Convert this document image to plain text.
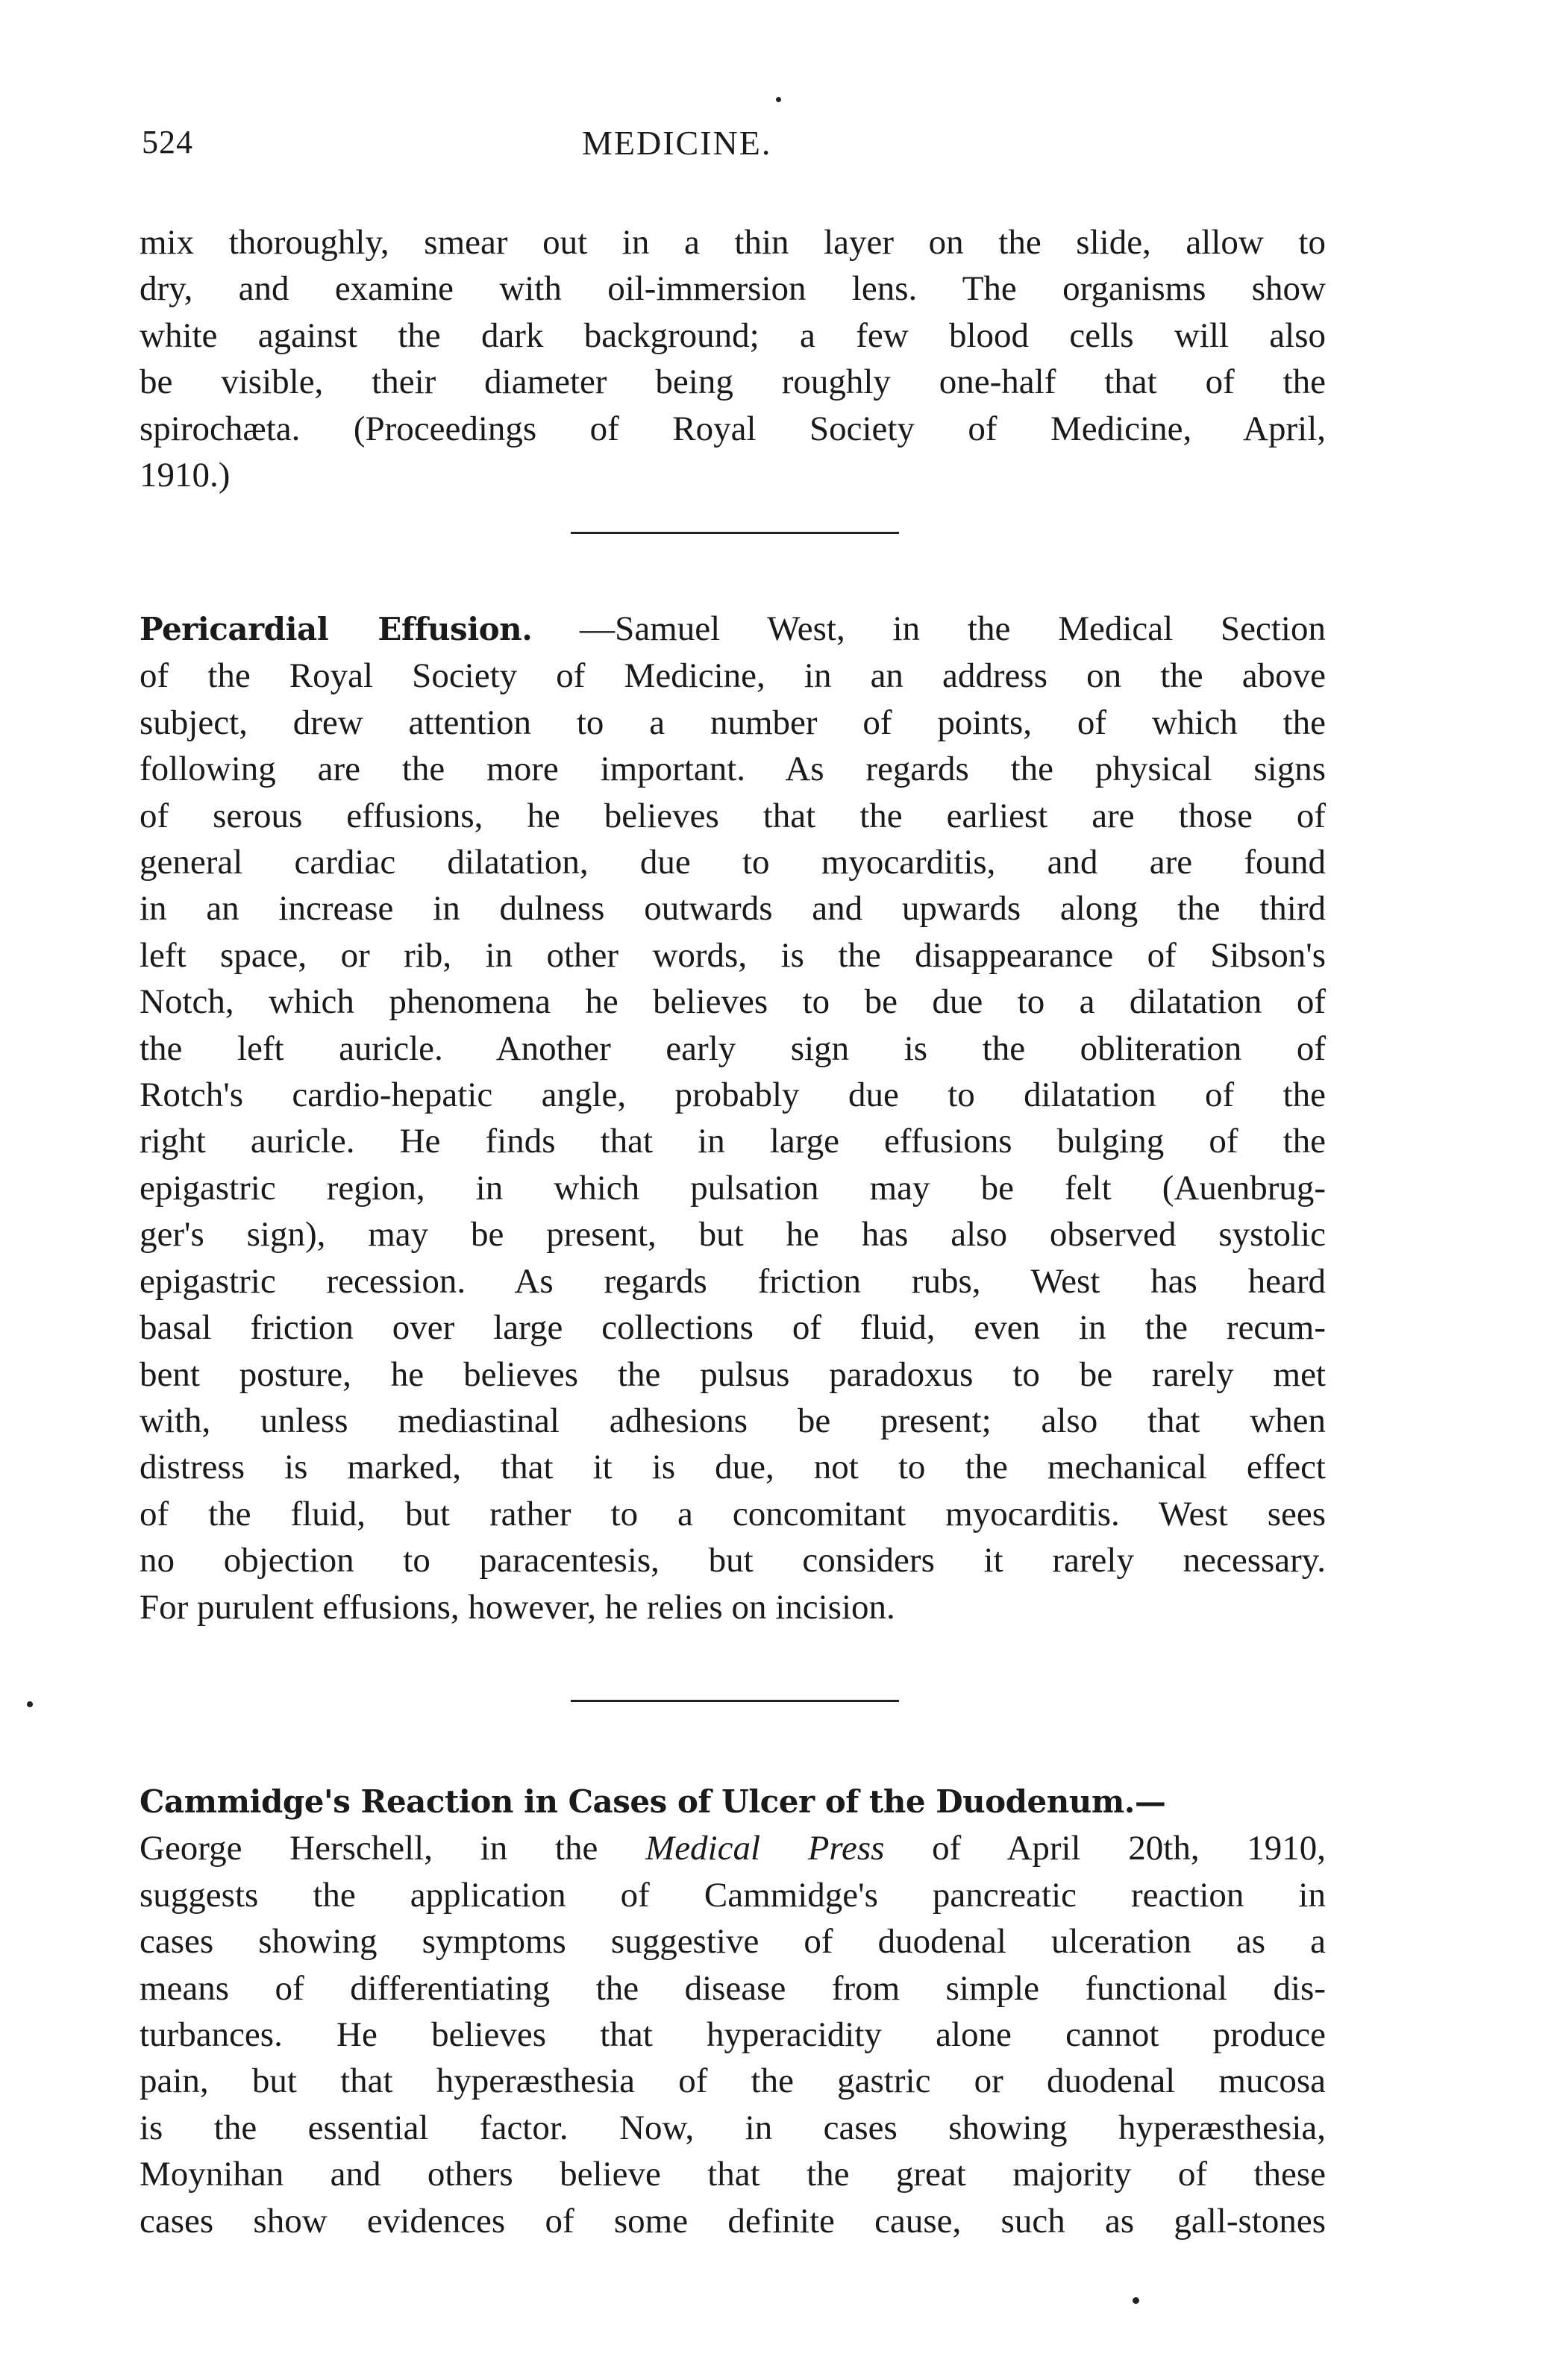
524	MEDICINE.
mix thoroughly, smear out in a thin layer on the slide, allow to
dry, and examine with oil-immersion lens. The organisms show
white against the dark background; a few blood cells will also
be visible, their diameter being roughly one-half that of the
spirochæta. (Proceedings of Royal Society of Medicine, April,
1910.)
Pericardial Effusion. —Samuel West, in the Medical Section
of the Royal Society of Medicine, in an address on the above
subject, drew attention to a number of points, of which the
following are the more important. As regards the physical signs
of serous effusions, he believes that the earliest are those of
general cardiac dilatation, due to myocarditis, and are found
in an increase in dulness outwards and upwards along the third
left space, or rib, in other words, is the disappearance of Sibson's
Notch, which phenomena he believes to be due to a dilatation of
the left auricle. Another early sign is the obliteration of
Rotch's cardio-hepatic angle, probably due to dilatation of the
right auricle. He finds that in large effusions bulging of the
epigastric region, in which pulsation may be felt (Auenbrug-
ger's sign), may be present, but he has also observed systolic
epigastric recession. As regards friction rubs, West has heard
basal friction over large collections of fluid, even in the recum-
bent posture, he believes the pulsus paradoxus to be rarely met
with, unless mediastinal adhesions be present; also that when
distress is marked, that it is due, not to the mechanical effect
of the fluid, but rather to a concomitant myocarditis. West sees
no objection to paracentesis, but considers it rarely necessary.
For purulent effusions, however, he relies on incision.
Cammidge's Reaction in Cases of Ulcer of the Duodenum.—
George Herschell, in the Medical Press of April 20th, 1910,
suggests the application of Cammidge's pancreatic reaction in
cases showing symptoms suggestive of duodenal ulceration as a
means of differentiating the disease from simple functional dis-
turbances. He believes that hyperacidity alone cannot produce
pain, but that hyperæsthesia of the gastric or duodenal mucosa
is the essential factor. Now, in cases showing hyperæsthesia,
Moynihan and others believe that the great majority of these
cases show evidences of some definite cause, such as gall-stones
